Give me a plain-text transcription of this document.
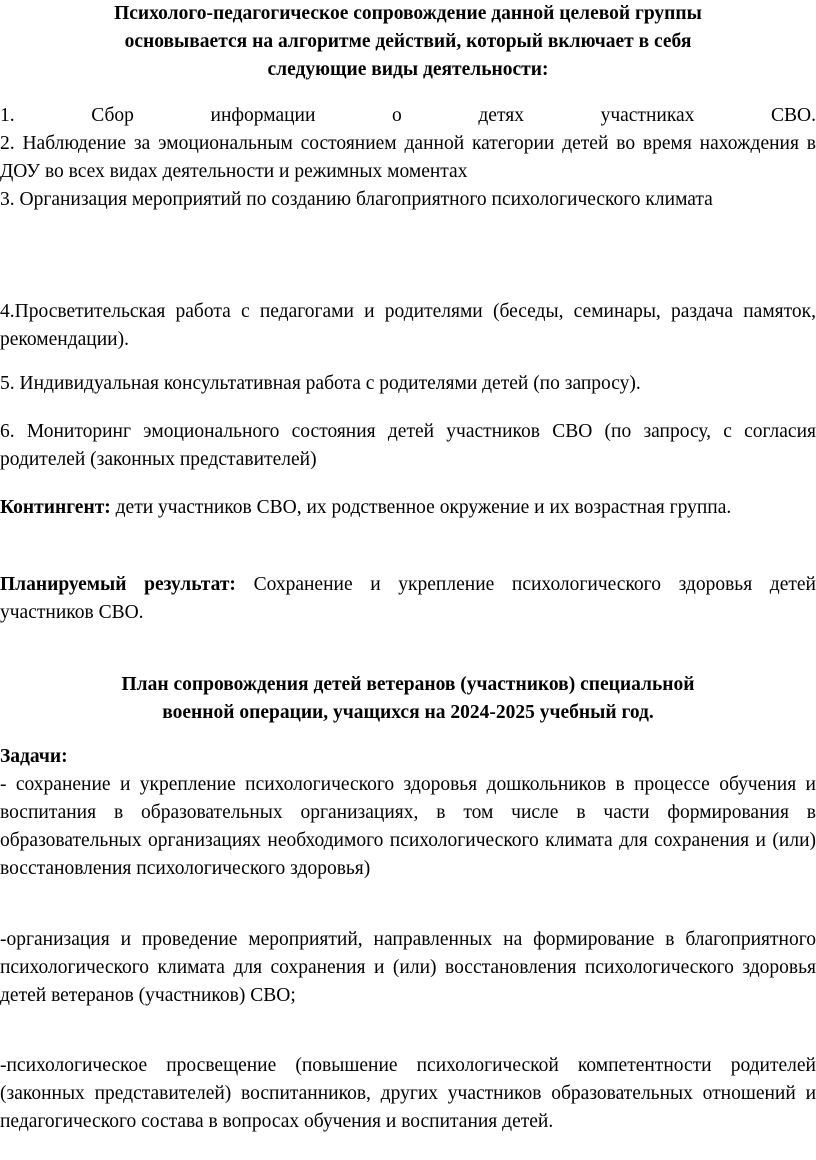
Психолого-педагогическое сопровождение данной целевой группы

основывается на алгоритме действий, который включает в себя

следующие виды деятельности:

1. Сбор информации о детях участниках СВО.

2. Наблюдение за эмоциональным состоянием данной категории детей во время нахождения в ДОУ во всех видах деятельности и режимных моментах

3. Организация мероприятий по созданию благоприятного психологического климата

4.Просветительская работа с педагогами и родителями (беседы, семинары, раздача памяток, рекомендации).

5. Индивидуальная консультативная работа с родителями детей (по запросу).

6. Мониторинг эмоционального состояния детей участников СВО (по запросу, с согласия родителей (законных представителей)

Контингент: дети участников СВО, их родственное окружение и их возрастная группа.

Планируемый результат: Сохранение и укрепление психологического здоровья детей участников СВО.

План сопровождения детей ветеранов (участников) специальной

военной операции, учащихся на 2024-2025 учебный год.

Задачи:

- сохранение и укрепление психологического здоровья дошкольников в процессе обучения и воспитания в образовательных организациях, в том числе в части формирования в образовательных организациях необходимого психологического климата для сохранения и (или) восстановления психологического здоровья)

-организация и проведение мероприятий, направленных на формирование в благоприятного психологического климата для сохранения и (или) восстановления психологического здоровья детей ветеранов (участников) СВО;

-психологическое просвещение (повышение психологической компетентности родителей (законных представителей) воспитанников, других участников образовательных отношений и педагогического состава в вопросах обучения и воспитания детей.
